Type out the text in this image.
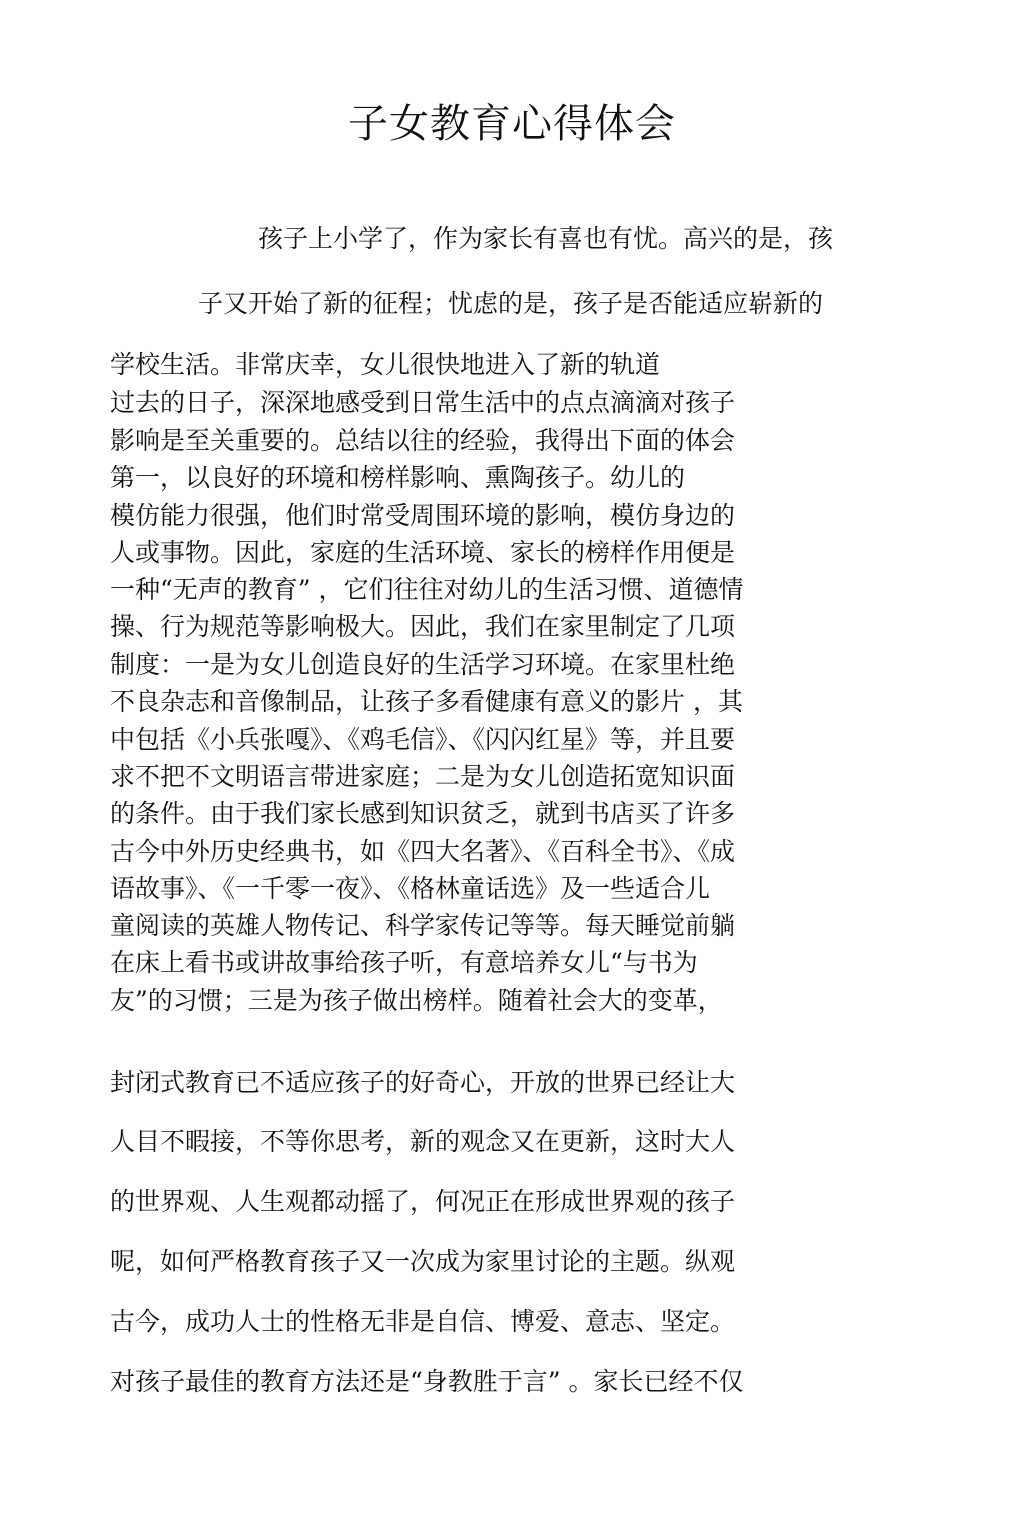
子女教育心得体会

孩子上小学了，作为家长有喜也有忧。高兴的是，孩

子又开始了新的征程；忧虑的是，孩子是否能适应崭新的

学校生活。非常庆幸，女儿很快地进入了新的轨道

过去的日子，深深地感受到日常生活中的点点滴滴对孩子

影响是至关重要的。总结以往的经验，我得出下面的体会

第一，以良好的环境和榜样影响、熏陶孩子。幼儿的

模仿能力很强，他们时常受周围环境的影响，模仿身边的

人或事物。因此，家庭的生活环境、家长的榜样作用便是

一种“无声的教育” ，它们往往对幼儿的生活习惯、道德情

操、行为规范等影响极大。因此，我们在家里制定了几项

制度：一是为女儿创造良好的生活学习环境。在家里杜绝

不良杂志和音像制品，让孩子多看健康有意义的影片 ，其

中包括《小兵张嘎》、《鸡毛信》、《闪闪红星》等，并且要

求不把不文明语言带进家庭；二是为女儿创造拓宽知识面

的条件。由于我们家长感到知识贫乏，就到书店买了许多

古今中外历史经典书，如《四大名著》、《百科全书》、《成

语故事》、《一千零一夜》、《格林童话选》及一些适合儿

童阅读的英雄人物传记、科学家传记等等。每天睡觉前躺

在床上看书或讲故事给孩子听，有意培养女儿“与书为

友”的习惯；三是为孩子做出榜样。随着社会大的变革，

封闭式教育已不适应孩子的好奇心，开放的世界已经让大

人目不暇接，不等你思考，新的观念又在更新，这时大人

的世界观、人生观都动摇了，何况正在形成世界观的孩子

呢，如何严格教育孩子又一次成为家里讨论的主题。纵观

古今，成功人士的性格无非是自信、博爱、意志、坚定。

对孩子最佳的教育方法还是“身教胜于言” 。家长已经不仅
